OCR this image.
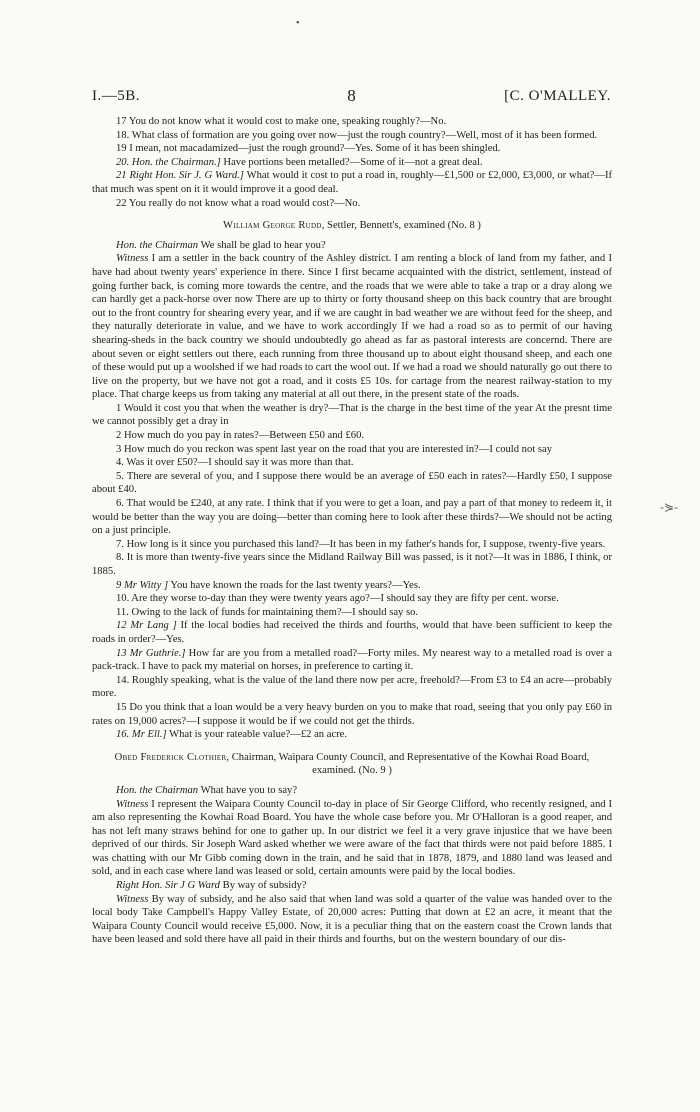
•
-⋟-
I.—5B.	8	[C. O'MALLEY.

17 You do not know what it would cost to make one, speaking roughly?—No.

18. What class of formation are you going over now—just the rough country?—Well, most of it has been formed.

19 I mean, not macadamized—just the rough ground?—Yes. Some of it has been shingled.

20. Hon. the Chairman.] Have portions been metalled?—Some of it—not a great deal.

21 Right Hon. Sir J. G Ward.] What would it cost to put a road in, roughly—£1,500 or £2,000, £3,000, or what?—If that much was spent on it it would improve it a good deal.

22 You really do not know what a road would cost?—No.

William George Rudd, Settler, Bennett's, examined (No. 8 )

Hon. the Chairman We shall be glad to hear you?

Witness I am a settler in the back country of the Ashley district. I am renting a block of land from my father, and I have had about twenty years' experience in there. Since I first became acquainted with the district, settlement, instead of going further back, is coming more towards the centre, and the roads that we were able to take a trap or a dray along we can hardly get a pack-horse over now There are up to thirty or forty thousand sheep on this back country that are brought out to the front country for shearing every year, and if we are caught in bad weather we are without feed for the sheep, and they naturally deteriorate in value, and we have to work accordingly If we had a road so as to permit of our having shearing-sheds in the back country we should undoubtedly go ahead as far as pastoral interests are concernd. There are about seven or eight settlers out there, each running from three thousand up to about eight thousand sheep, and each one of these would put up a woolshed if we had roads to cart the wool out. If we had a road we should naturally go out there to live on the property, but we have not got a road, and it costs £5 10s. for cartage from the nearest railway-station to my place. That charge keeps us from taking any material at all out there, in the present state of the roads.

1 Would it cost you that when the weather is dry?—That is the charge in the best time of the year At the presnt time we cannot possibly get a dray in

2 How much do you pay in rates?—Between £50 and £60.

3 How much do you reckon was spent last year on the road that you are interested in?—I could not say

4. Was it over £50?—I should say it was more than that.

5. There are several of you, and I suppose there would be an average of £50 each in rates?—Hardly £50, I suppose about £40.

6. That would be £240, at any rate. I think that if you were to get a loan, and pay a part of that money to redeem it, it would be better than the way you are doing—better than coming here to look after these thirds?—We should not be acting on a just principle.

7. How long is it since you purchased this land?—It has been in my father's hands for, I suppose, twenty-five years.

8. It is more than twenty-five years since the Midland Railway Bill was passed, is it not?—It was in 1886, I think, or 1885.

9 Mr Witty ] You have known the roads for the last twenty years?—Yes.

10. Are they worse to-day than they were twenty years ago?—I should say they are fifty per cent. worse.

11. Owing to the lack of funds for maintaining them?—I should say so.

12 Mr Lang ] If the local bodies had received the thirds and fourths, would that have been sufficient to keep the roads in order?—Yes.

13 Mr Guthrie.] How far are you from a metalled road?—Forty miles. My nearest way to a metalled road is over a pack-track. I have to pack my material on horses, in preference to carting it.

14. Roughly speaking, what is the value of the land there now per acre, freehold?—From £3 to £4 an acre—probably more.

15 Do you think that a loan would be a very heavy burden on you to make that road, seeing that you only pay £60 in rates on 19,000 acres?—I suppose it would be if we could not get the thirds.

16. Mr Ell.] What is your rateable value?—£2 an acre.

Obed Frederick Clothier, Chairman, Waipara County Council, and Representative of the Kowhai Road Board, examined. (No. 9 )

Hon. the Chairman What have you to say?

Witness I represent the Waipara County Council to-day in place of Sir George Clifford, who recently resigned, and I am also representing the Kowhai Road Board. You have the whole case before you. Mr O'Halloran is a good reaper, and has not left many straws behind for one to gather up. In our district we feel it a very grave injustice that we have been deprived of our thirds. Sir Joseph Ward asked whether we were aware of the fact that thirds were not paid before 1885. I was chatting with our Mr Gibb coming down in the train, and he said that in 1878, 1879, and 1880 land was leased and sold, and in each case where land was leased or sold, certain amounts were paid by the local bodies.

Right Hon. Sir J G Ward By way of subsidy?

Witness By way of subsidy, and he also said that when land was sold a quarter of the value was handed over to the local body Take Campbell's Happy Valley Estate, of 20,000 acres: Putting that down at £2 an acre, it meant that the Waipara County Council would receive £5,000. Now, it is a peculiar thing that on the eastern coast the Crown lands that have been leased and sold there have all paid in their thirds and fourths, but on the western boundary of our dis-
